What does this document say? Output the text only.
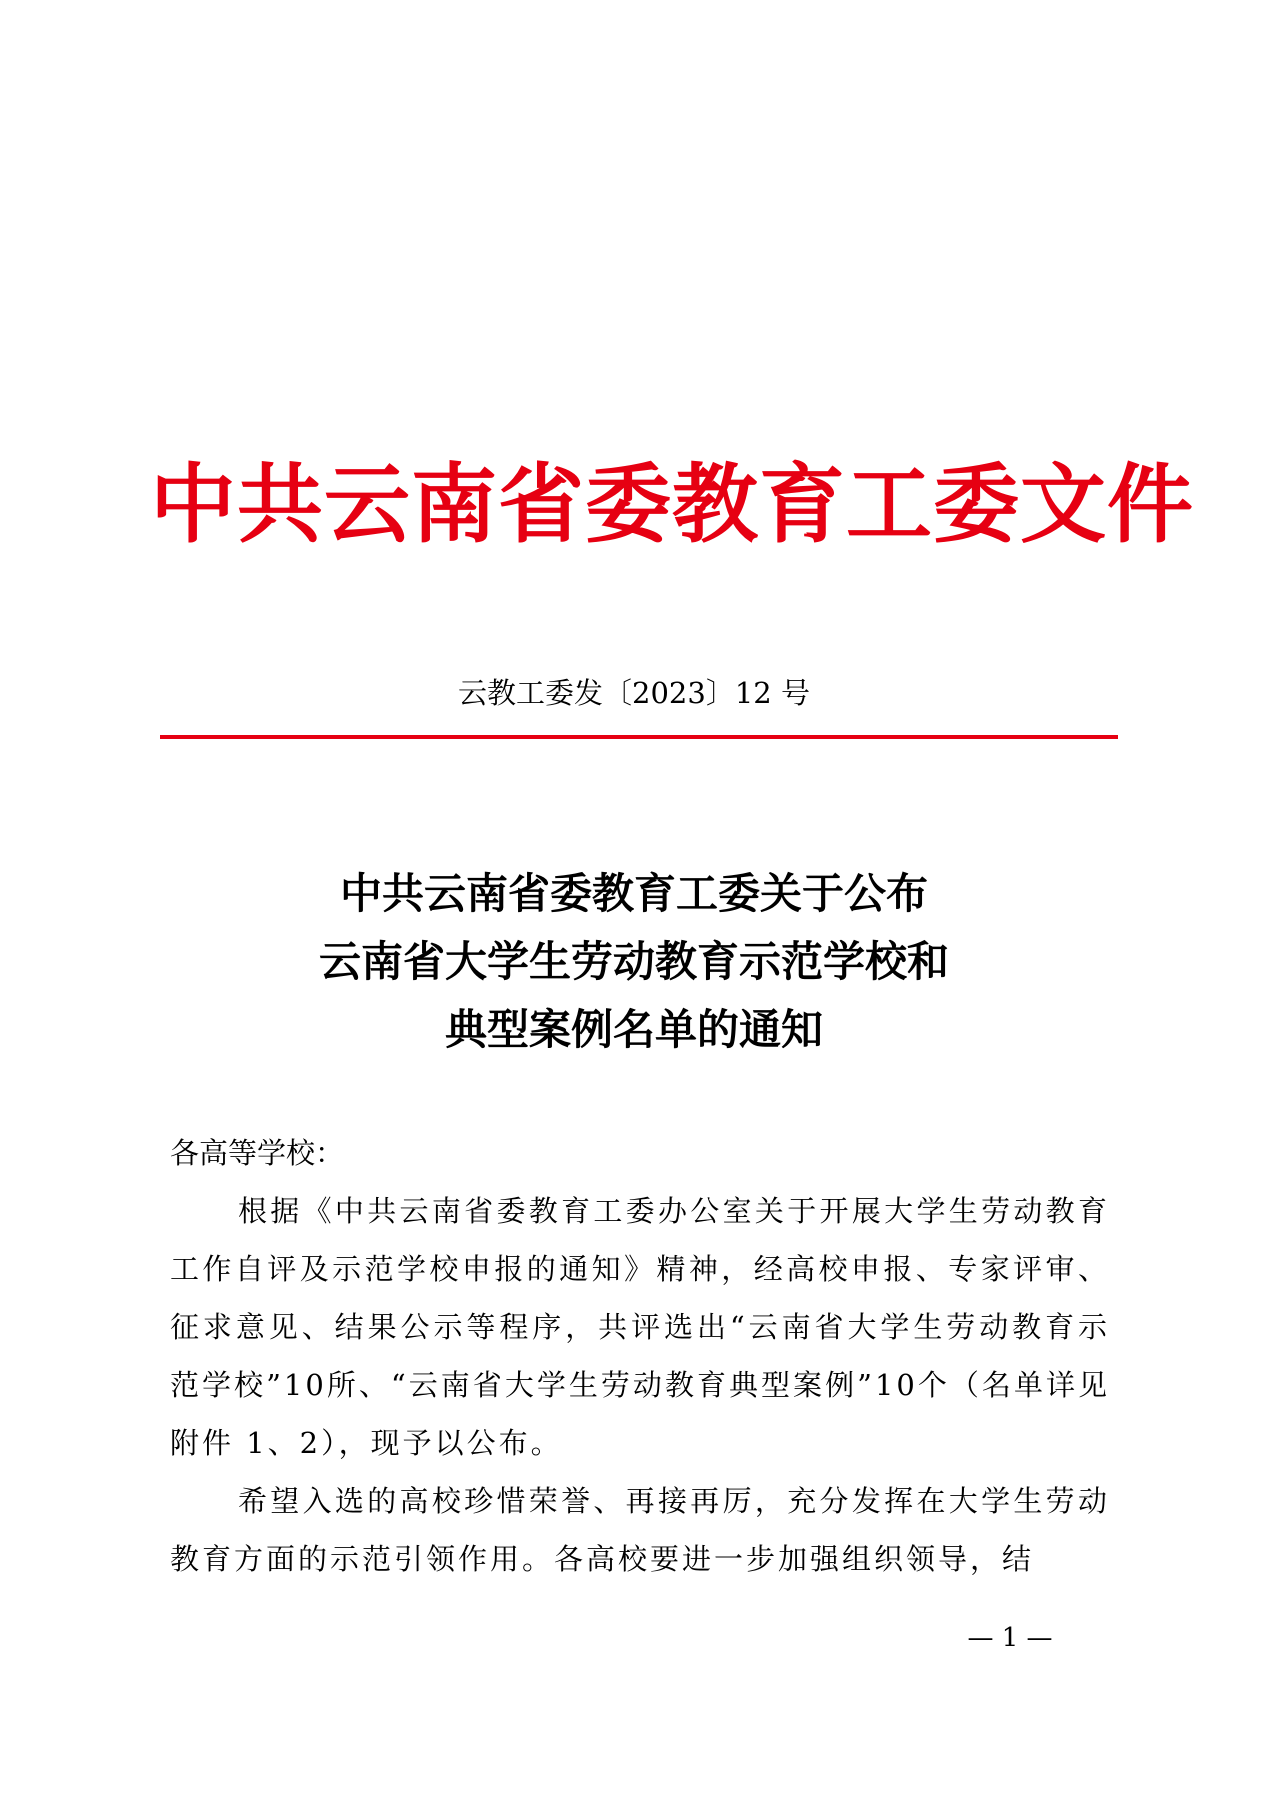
中共云南省委教育工委文件
云教工委发〔2023〕12 号
中共云南省委教育工委关于公布
云南省大学生劳动教育示范学校和
典型案例名单的通知
各高等学校：
根据《中共云南省委教育工委办公室关于开展大学生劳动教育工作自评及示范学校申报的通知》精神，经高校申报、专家评审、征求意见、结果公示等程序，共评选出“云南省大学生劳动教育示范学校”10所、“云南省大学生劳动教育典型案例”10个（名单详见附件 1、2），现予以公布。
希望入选的高校珍惜荣誉、再接再厉，充分发挥在大学生劳动教育方面的示范引领作用。各高校要进一步加强组织领导，结
— 1 —
